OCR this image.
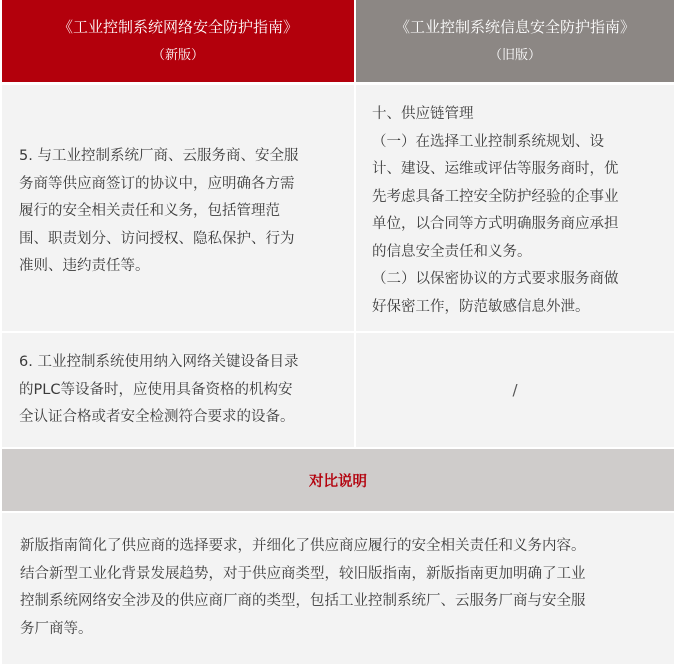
《工业控制系统网络安全防护指南》
（新版）
《工业控制系统信息安全防护指南》
（旧版）
5. 与工业控制系统厂商、云服务商、安全服
务商等供应商签订的协议中，应明确各方需
履行的安全相关责任和义务，包括管理范
围、职责划分、访问授权、隐私保护、行为
准则、违约责任等。
十、供应链管理
（一）在选择工业控制系统规划、设
计、建设、运维或评估等服务商时，优
先考虑具备工控安全防护经验的企事业
单位，以合同等方式明确服务商应承担
的信息安全责任和义务。
（二）以保密协议的方式要求服务商做
好保密工作，防范敏感信息外泄。
6. 工业控制系统使用纳入网络关键设备目录
的PLC等设备时，应使用具备资格的机构安
全认证合格或者安全检测符合要求的设备。
/
对比说明
新版指南简化了供应商的选择要求，并细化了供应商应履行的安全相关责任和义务内容。
结合新型工业化背景发展趋势，对于供应商类型，较旧版指南，新版指南更加明确了工业
控制系统网络安全涉及的供应商厂商的类型，包括工业控制系统厂、云服务厂商与安全服
务厂商等。
